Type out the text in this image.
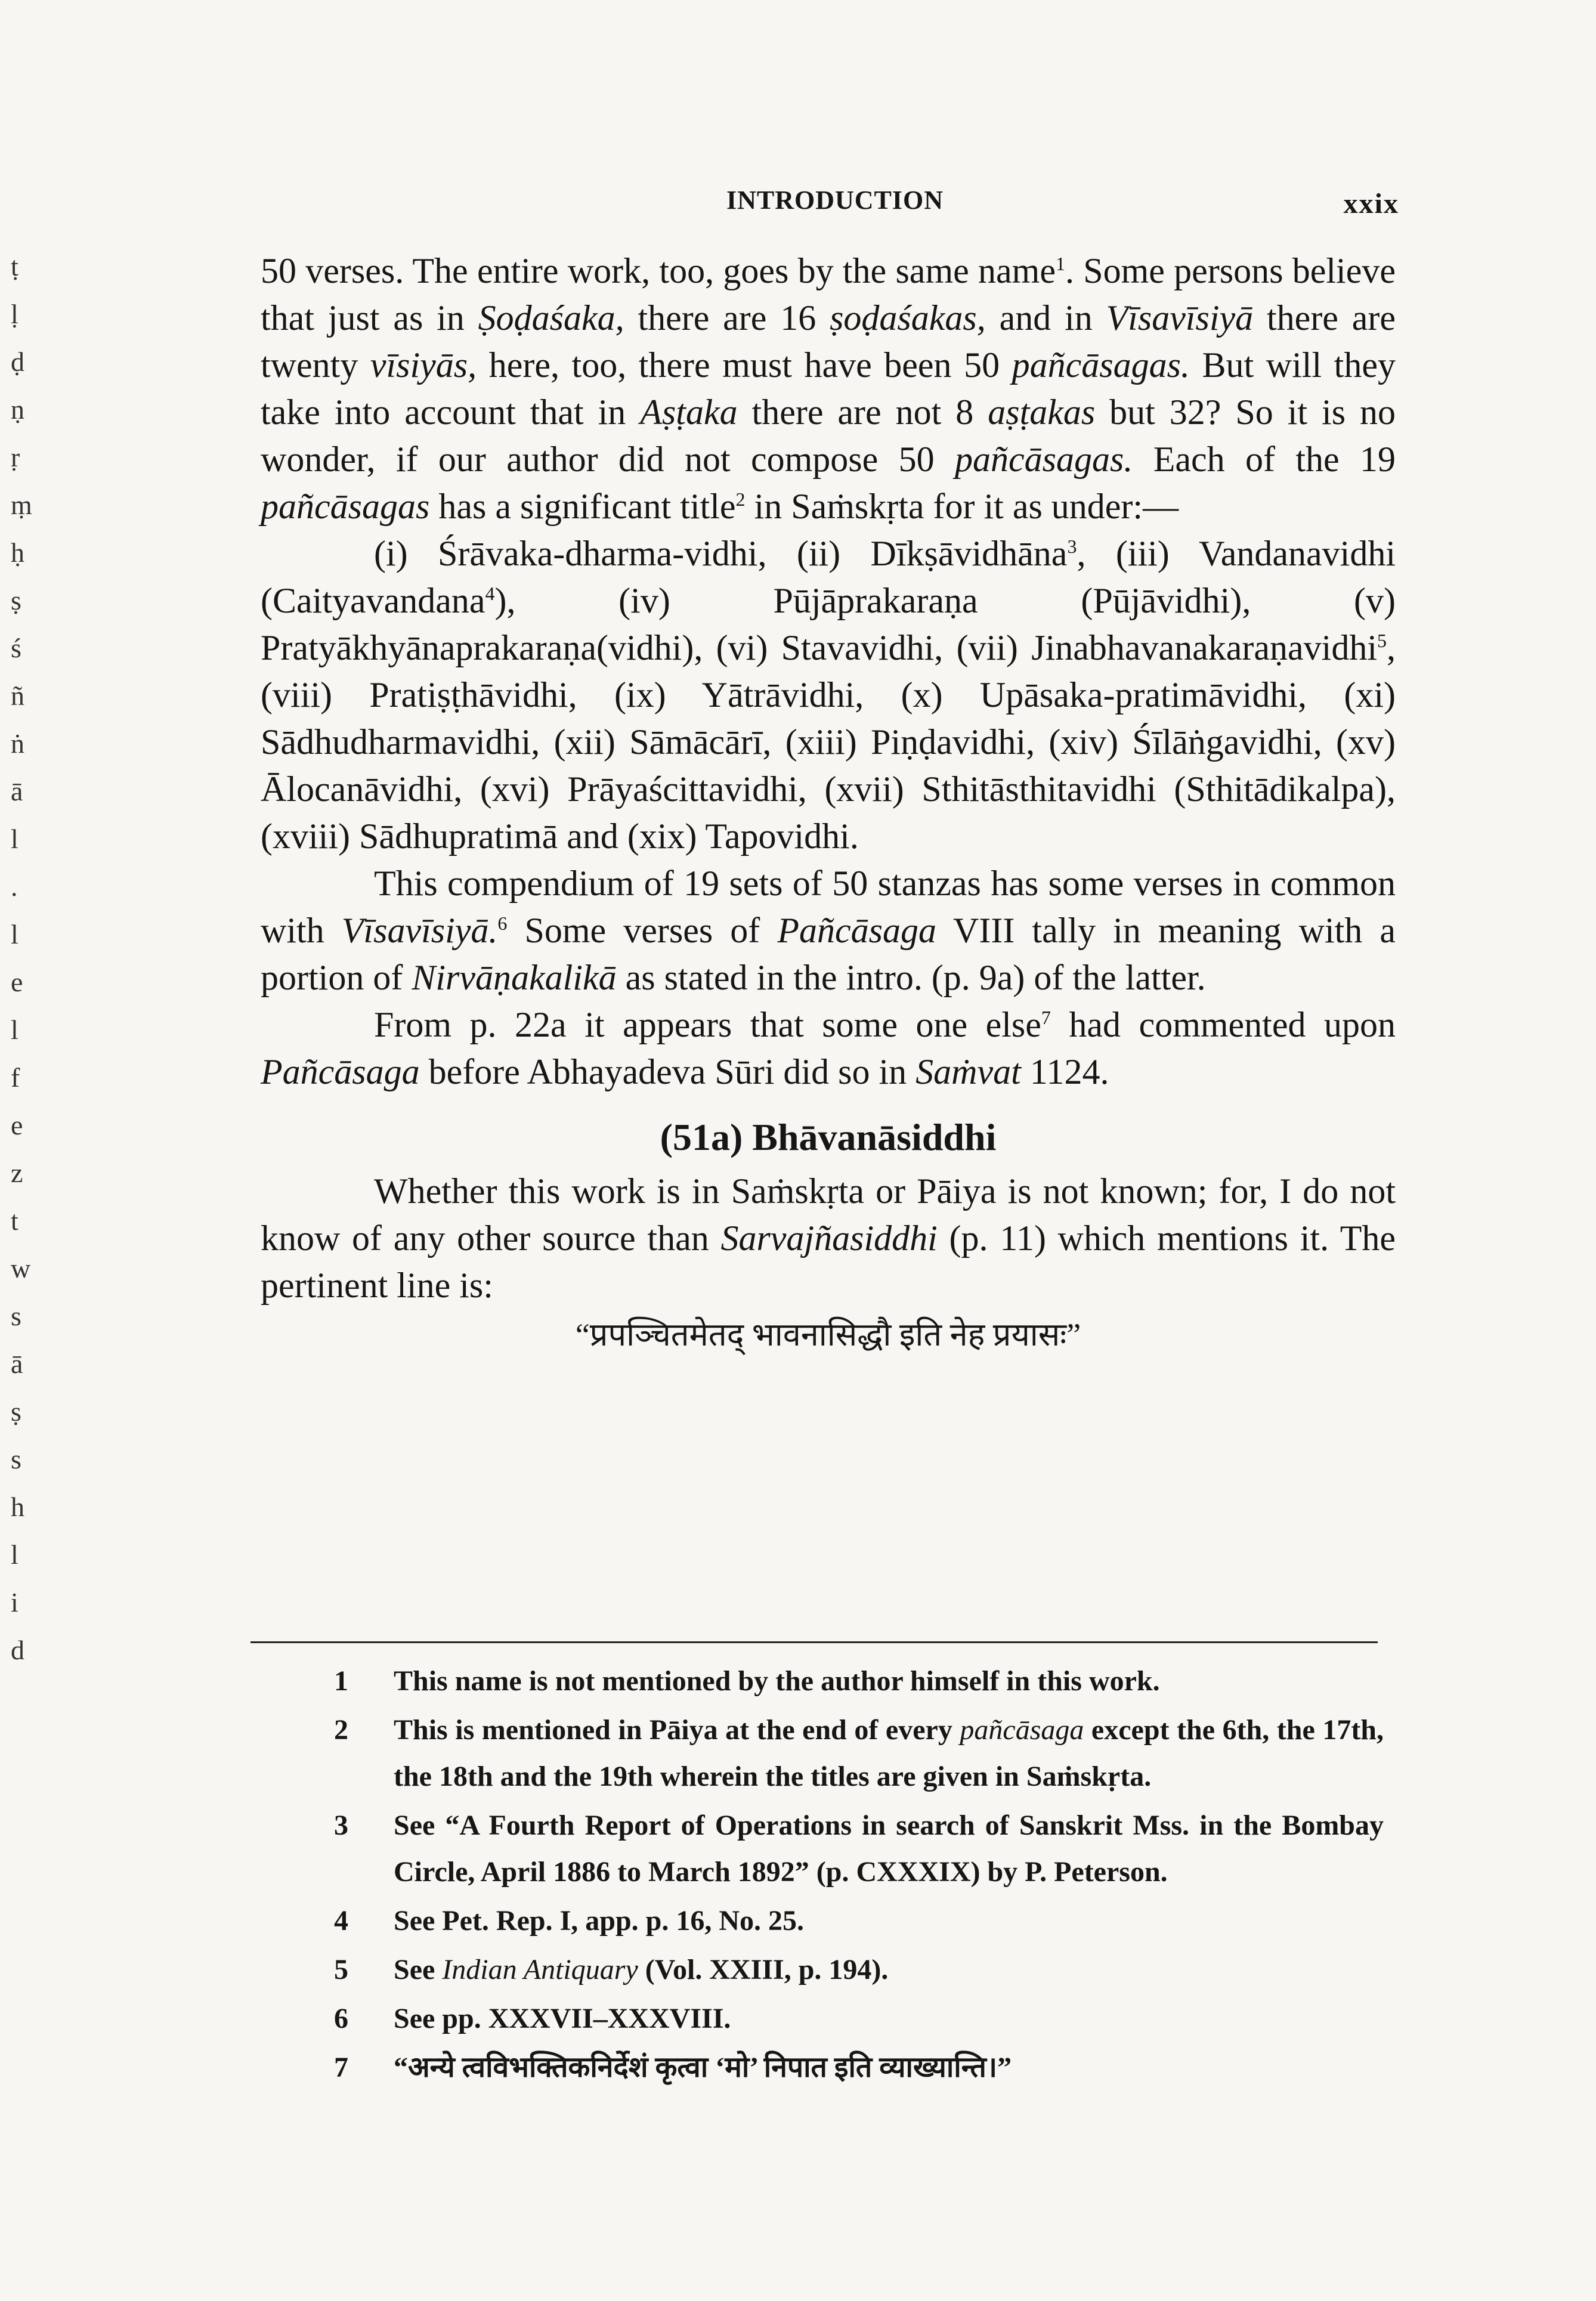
INTRODUCTION	xxix
ṭ
ḷ
ḍ
ṇ
ṛ
ṃ
ḥ
ṣ
ś
ñ
ṅ
ā
l
.
l
e
l
f
e
z
t
w
s
ā
ṣ
s
h
l
i
d

50 verses. The entire work, too, goes by the same name$^1$. Some persons believe that just as in Ṣoḍaśaka, there are 16 ṣoḍaśakas, and in Vīsavīsiyā there are twenty vīsiyās, here, too, there must have been 50 pañcāsagas. But will they take into account that in Aṣṭaka there are not 8 aṣṭakas but 32? So it is no wonder, if our author did not compose 50 pañcāsagas. Each of the 19 pañcāsagas has a significant title$^2$ in Saṁskṛta for it as under:—

(i) Śrāvaka-dharma-vidhi, (ii) Dīkṣāvidhāna$^3$, (iii) Vandanavidhi (Caityavandana$^4$), (iv) Pūjāprakaraṇa (Pūjāvidhi), (v) Pratyākhyānaprakaraṇa(vidhi), (vi) Stavavidhi, (vii) Jinabhavanakaraṇavidhi$^5$, (viii) Pratiṣṭhāvidhi, (ix) Yātrāvidhi, (x) Upāsaka-pratimāvidhi, (xi) Sādhudharmavidhi, (xii) Sāmācārī, (xiii) Piṇḍavidhi, (xiv) Śīlāṅgavidhi, (xv) Ālocanāvidhi, (xvi) Prāyaścittavidhi, (xvii) Sthitāsthitavidhi (Sthitādikalpa), (xviii) Sādhupratimā and (xix) Tapovidhi.

This compendium of 19 sets of 50 stanzas has some verses in common with Vīsavīsiyā.$^6$ Some verses of Pañcāsaga VIII tally in meaning with a portion of Nirvāṇakalikā as stated in the intro. (p. 9a) of the latter.

From p. 22a it appears that some one else$^7$ had commented upon Pañcāsaga before Abhayadeva Sūri did so in Saṁvat 1124.

(51a) Bhāvanāsiddhi

Whether this work is in Saṁskṛta or Pāiya is not known; for, I do not know of any other source than Sarvajñasiddhi (p. 11) which mentions it. The pertinent line is:

“प्रपञ्चितमेतद् भावनासिद्धौ इति नेह प्रयासः”
1	This name is not mentioned by the author himself in this work.
2	This is mentioned in Pāiya at the end of every pañcāsaga except the 6th, the 17th, the 18th and the 19th wherein the titles are given in Saṁskṛta.
3	See “A Fourth Report of Operations in search of Sanskrit Mss. in the Bombay Circle, April 1886 to March 1892” (p. CXXXIX) by P. Peterson.
4	See Pet. Rep. I, app. p. 16, No. 25.
5	See Indian Antiquary (Vol. XXIII, p. 194).
6	See pp. XXXVII–XXXVIII.
7	“अन्ये त्वविभक्तिकनिर्देशं कृत्वा ‘मो’ निपात इति व्याख्यान्ति।”
